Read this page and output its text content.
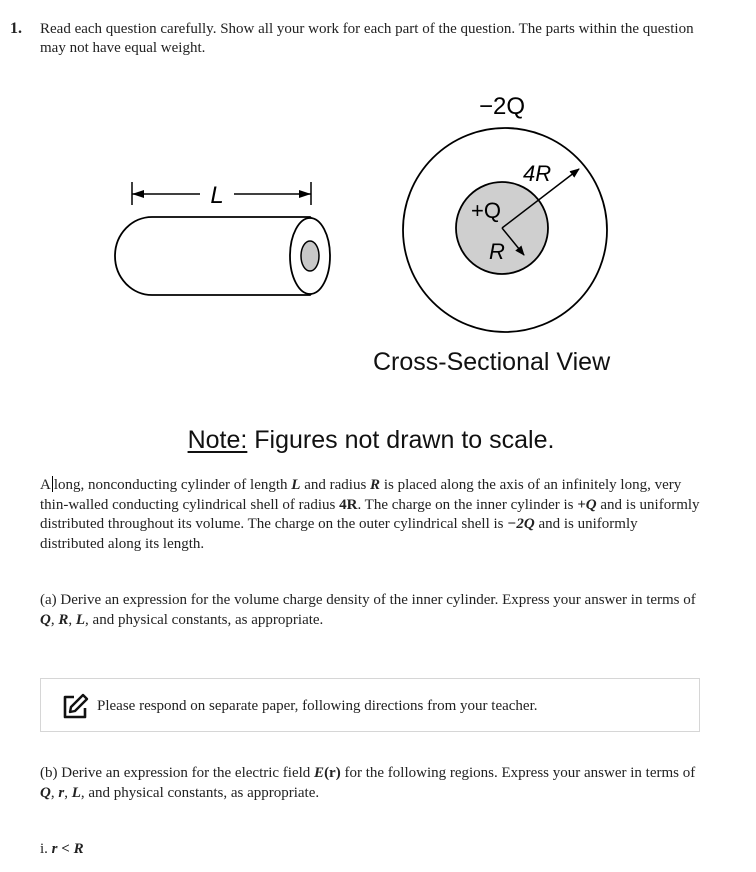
1. Read each question carefully. Show all your work for each part of the question. The parts within the question may not have equal weight.
L
−2Q
4R
+Q
R
Cross-Sectional View
Note: Figures not drawn to scale.
A long, nonconducting cylinder of length L and radius R is placed along the axis of an infinitely long, very thin-walled conducting cylindrical shell of radius 4R. The charge on the inner cylinder is +Q and is uniformly distributed throughout its volume. The charge on the outer cylindrical shell is −2Q and is uniformly distributed along its length.
(a) Derive an expression for the volume charge density of the inner cylinder. Express your answer in terms of Q, R, L, and physical constants, as appropriate.
Please respond on separate paper, following directions from your teacher.
(b) Derive an expression for the electric field E(r) for the following regions. Express your answer in terms of Q, r, L, and physical constants, as appropriate.
i. r < R
